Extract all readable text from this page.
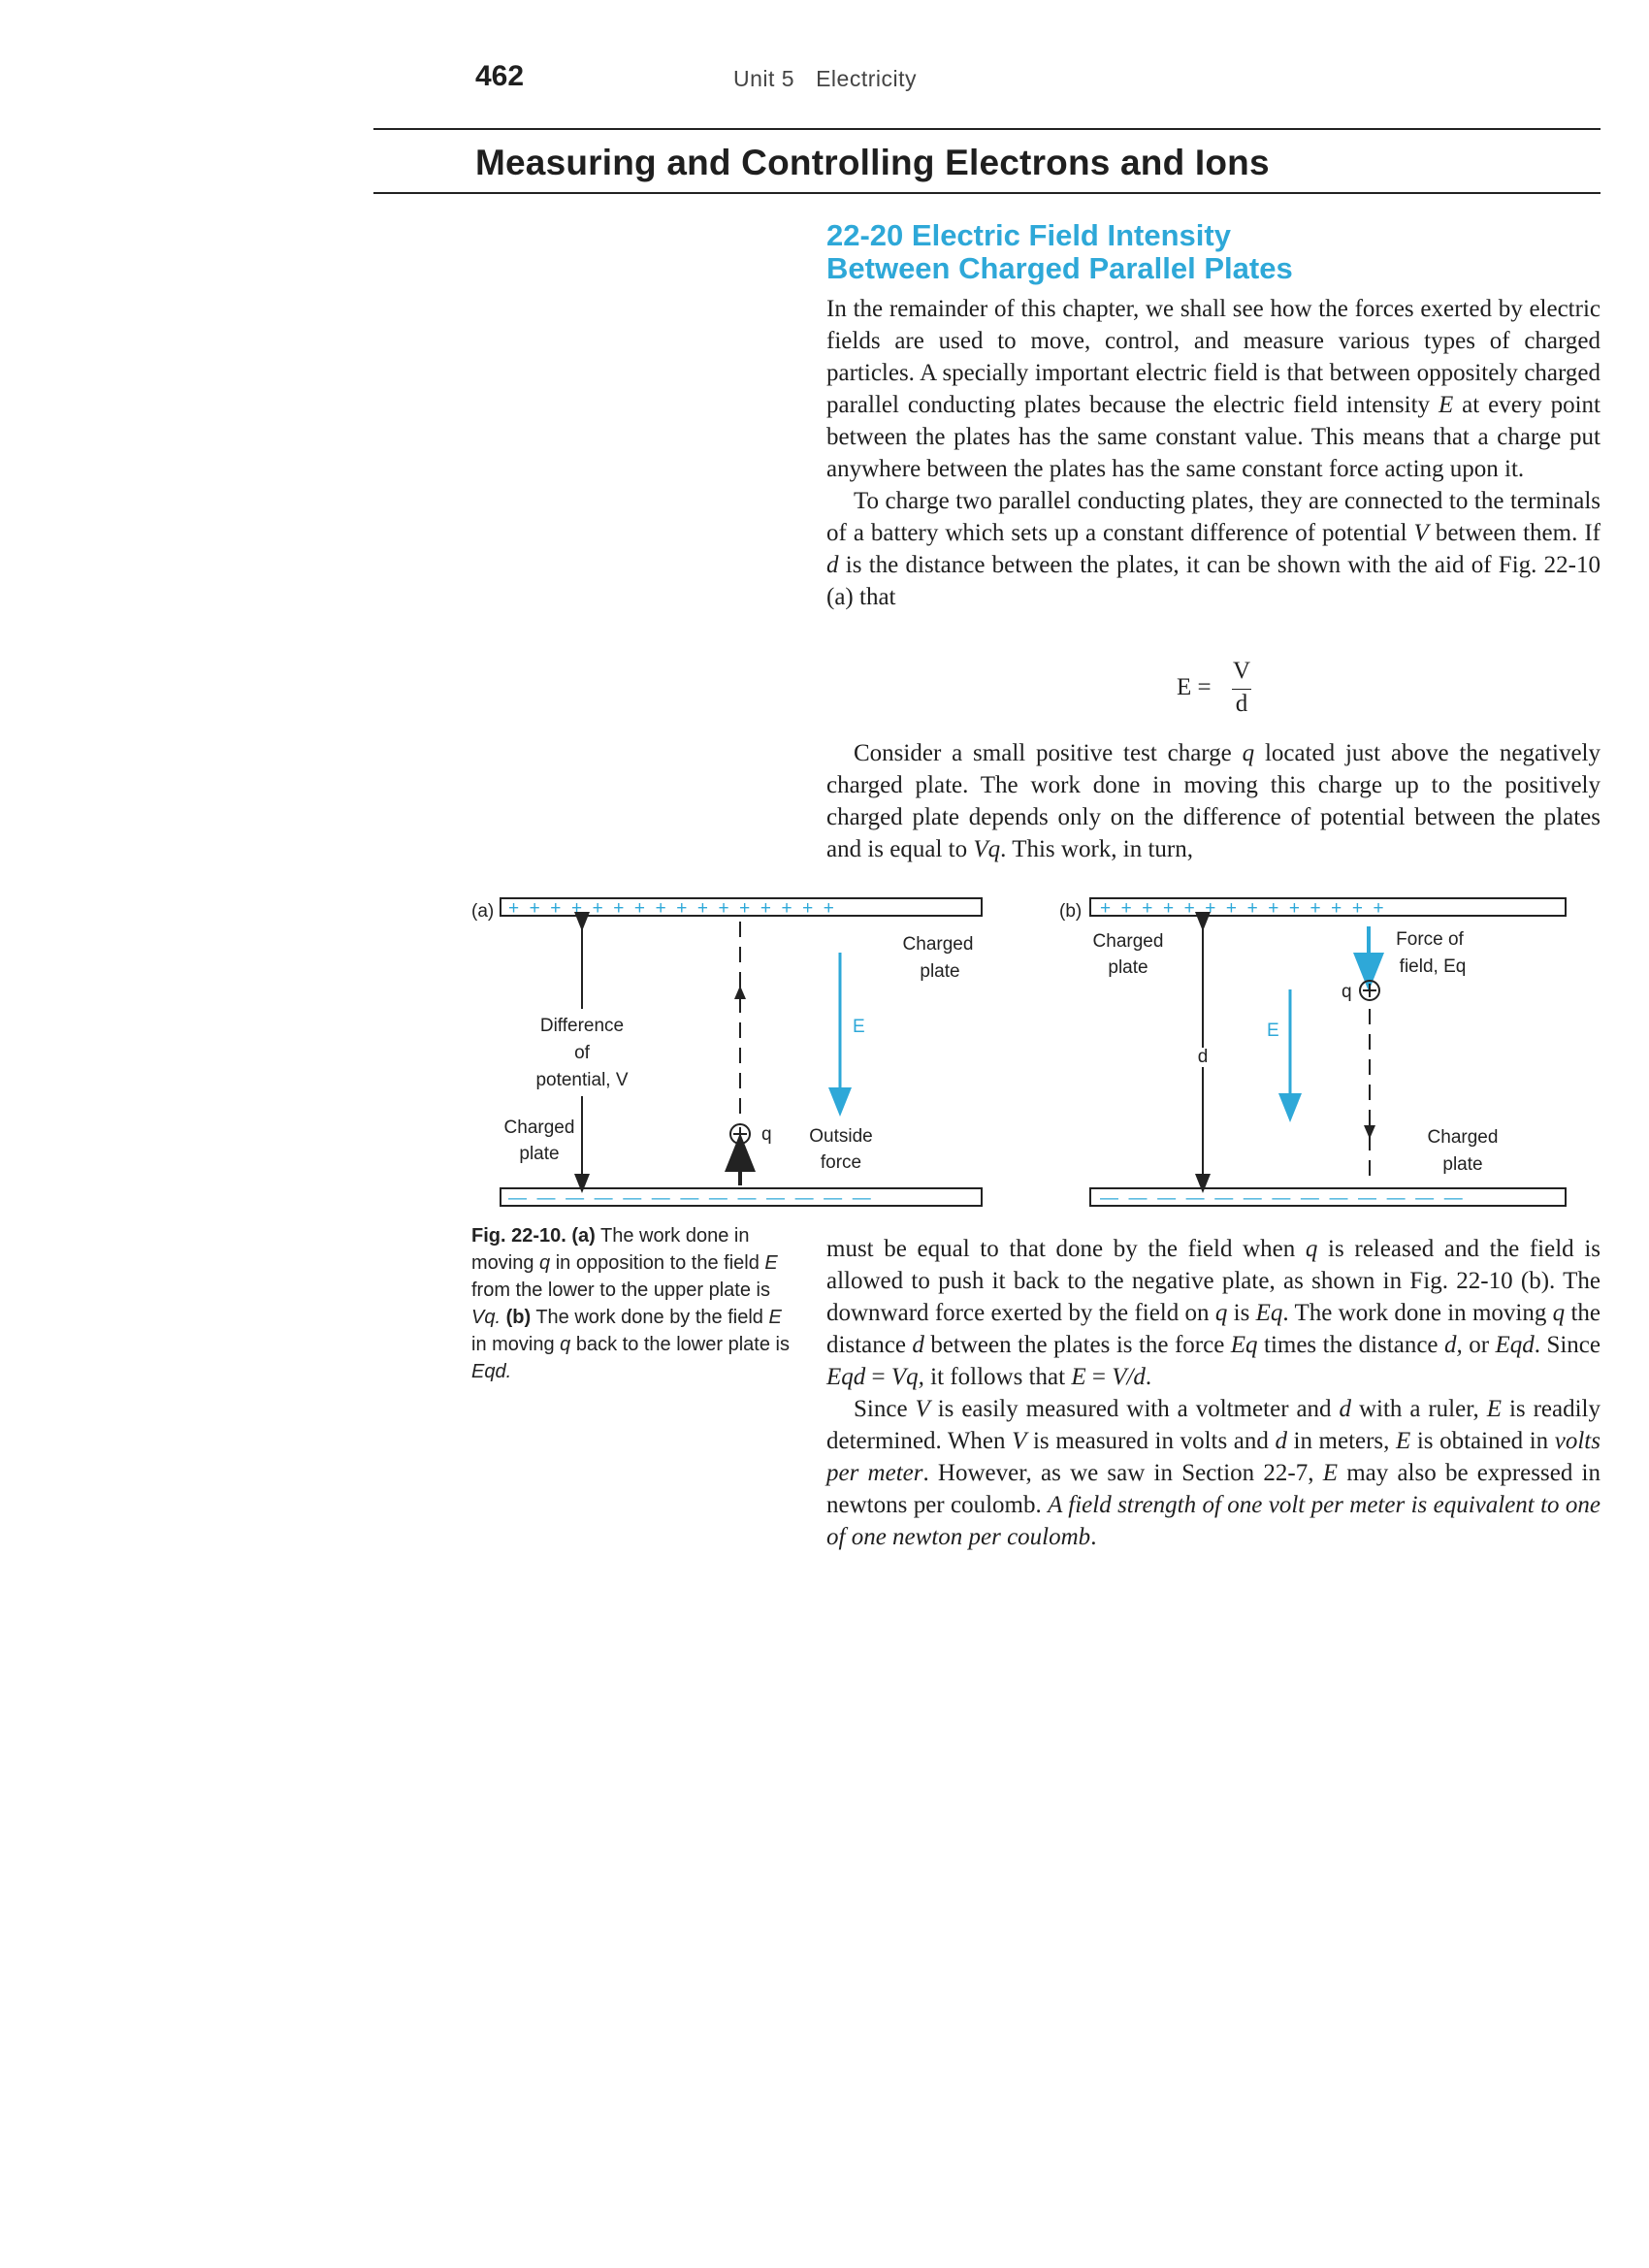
462	Unit 5 Electricity
Measuring and Controlling Electrons and Ions
22-20 Electric Field Intensity
Between Charged Parallel Plates

In the remainder of this chapter, we shall see how the forces exerted by electric fields are used to move, control, and measure various types of charged particles. A specially important electric field is that between oppositely charged parallel conducting plates because the electric field intensity E at every point between the plates has the same constant value. This means that a charge put anywhere between the plates has the same constant force acting upon it.

To charge two parallel conducting plates, they are connected to the terminals of a battery which sets up a constant difference of potential V between them. If d is the distance between the plates, it can be shown with the aid of Fig. 22-10 (a) that

E =
V
d

Consider a small positive test charge q located just above the negatively charged plate. The work done in moving this charge up to the positively charged plate depends only on the difference of potential between the plates and is equal to Vq. This work, in turn,

(a) +  +  +  +  +  +  +  +  +  +  +  +  +  +  +  +
—  —  —  —  —  —  —  —  —  —  —  —  —
Difference
of
potential, V
Charged
plate
q Outside
force
E
Charged
plate
(b) +  +  +  +  +  +  +  +  +  +  +  +  +  +
—  —  —  —  —  —  —  —  —  —  —  —  —
Charged
plate
d
E
q
Force of
field, Eq
Charged
plate
Fig. 22-10. (a) The work done in moving q in opposition to the field E from the lower to the upper plate is Vq. (b) The work done by the field E in moving q back to the lower plate is Eqd.

must be equal to that done by the field when q is released and the field is allowed to push it back to the negative plate, as shown in Fig. 22-10 (b). The downward force exerted by the field on q is Eq. The work done in moving q the distance d between the plates is the force Eq times the distance d, or Eqd. Since Eqd = Vq, it follows that E = V/d.

Since V is easily measured with a voltmeter and d with a ruler, E is readily determined. When V is measured in volts and d in meters, E is obtained in volts per meter. However, as we saw in Section 22-7, E may also be expressed in newtons per coulomb. A field strength of one volt per meter is equivalent to one of one newton per coulomb.
